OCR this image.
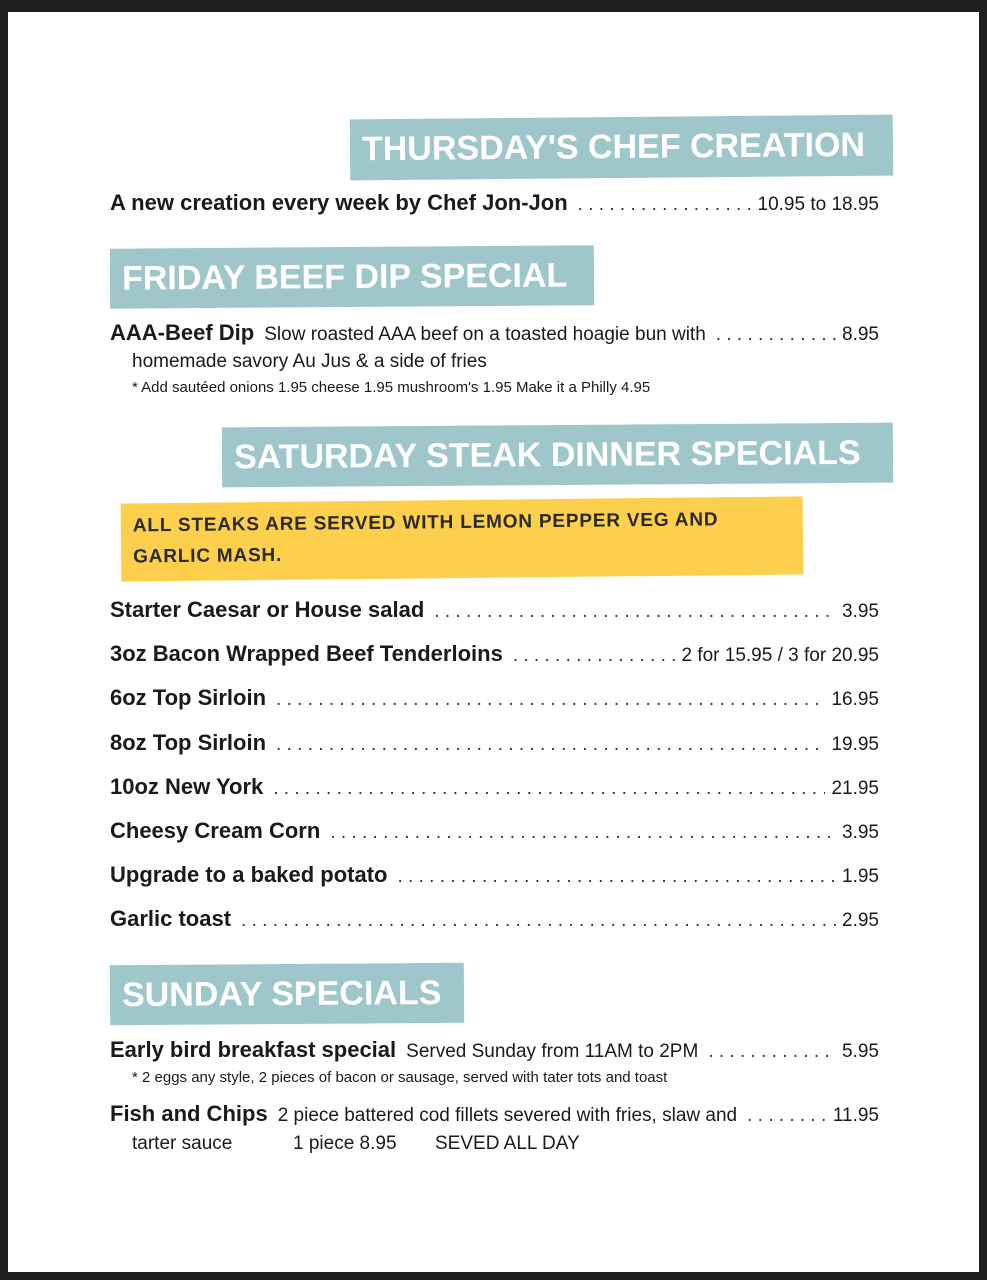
THURSDAY'S CHEF CREATION
A new creation every week by Chef Jon-Jon . . .	10.95 to 18.95
FRIDAY BEEF DIP SPECIAL
AAA-Beef Dip Slow roasted AAA beef on a toasted hoagie bun with . . .	8.95
homemade savory Au Jus & a side of fries
* Add sautéed onions 1.95 cheese 1.95 mushroom's 1.95 Make it a Philly 4.95
SATURDAY STEAK DINNER SPECIALS
ALL STEAKS ARE SERVED WITH LEMON PEPPER VEG AND GARLIC MASH.
Starter Caesar or House salad . . .	3.95
3oz Bacon Wrapped Beef Tenderloins . . .	2 for 15.95 / 3 for 20.95
6oz Top Sirloin . . .	16.95
8oz Top Sirloin . . .	19.95
10oz New York . . .	21.95
Cheesy Cream Corn . . .	3.95
Upgrade to a baked potato . . .	1.95
Garlic toast . . .	2.95
SUNDAY SPECIALS
Early bird breakfast special Served Sunday from 11AM to 2PM . . .	5.95
* 2 eggs any style, 2 pieces of bacon or sausage, served with tater tots and toast
Fish and Chips 2 piece battered cod fillets severed with fries, slaw and . . .	11.95
tarter sauce	1 piece 8.95 SEVED ALL DAY
